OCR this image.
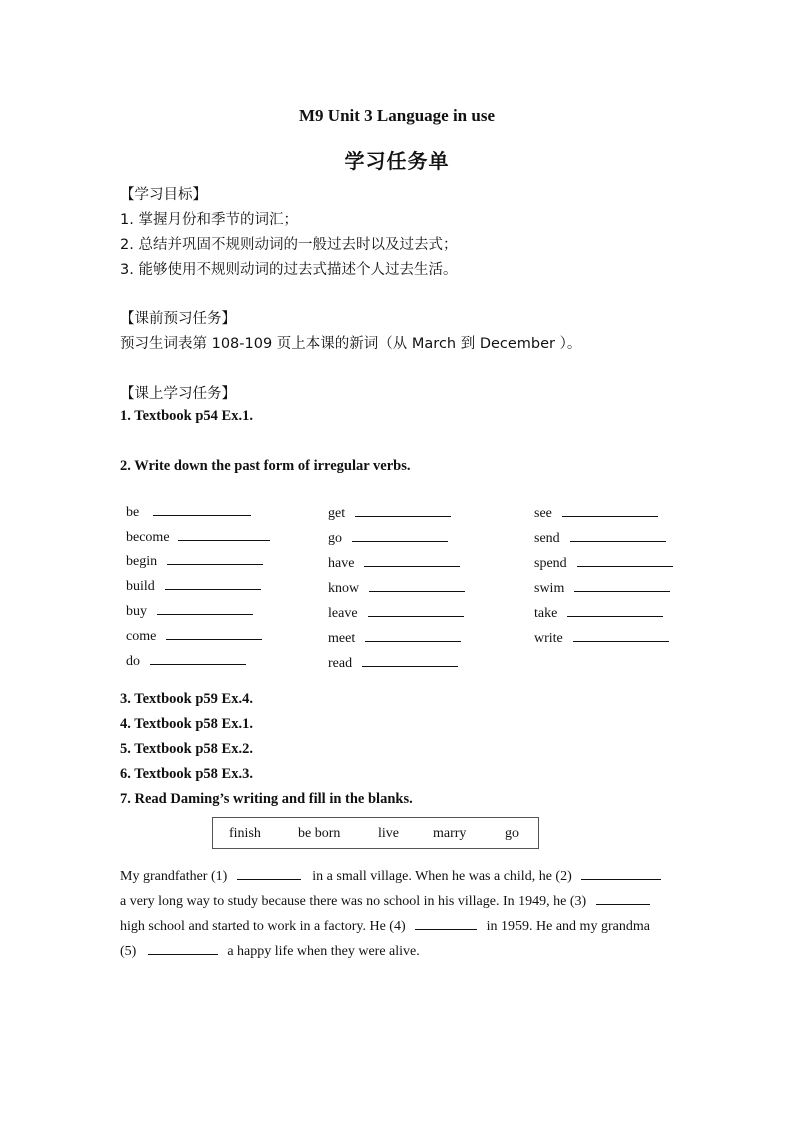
M9 Unit 3 Language in use
学习任务单
【学习目标】
1. 掌握月份和季节的词汇；
2. 总结并巩固不规则动词的一般过去时以及过去式；
3. 能够使用不规则动词的过去式描述个人过去生活。
【课前预习任务】
预习生词表第 108-109 页上本课的新词（从 March 到 December ）。
【课上学习任务】
1. Textbook p54 Ex.1.
2. Write down the past form of irregular verbs.
be
become
begin
build
buy
come
do
get
go
have
know
leave
meet
read
see
send
spend
swim
take
write
3. Textbook p59 Ex.4.
4. Textbook p58 Ex.1.
5. Textbook p58 Ex.2.
6. Textbook p58 Ex.3.
7. Read Daming’s writing and fill in the blanks.
finish	be born	live marry	go
My grandfather (1)	in a small village. When he was a child, he (2)
a very long way to study because there was no school in his village. In 1949, he (3)
high school and started to work in a factory. He (4)	in 1959. He and my grandma
(5)	a happy life when they were alive.
